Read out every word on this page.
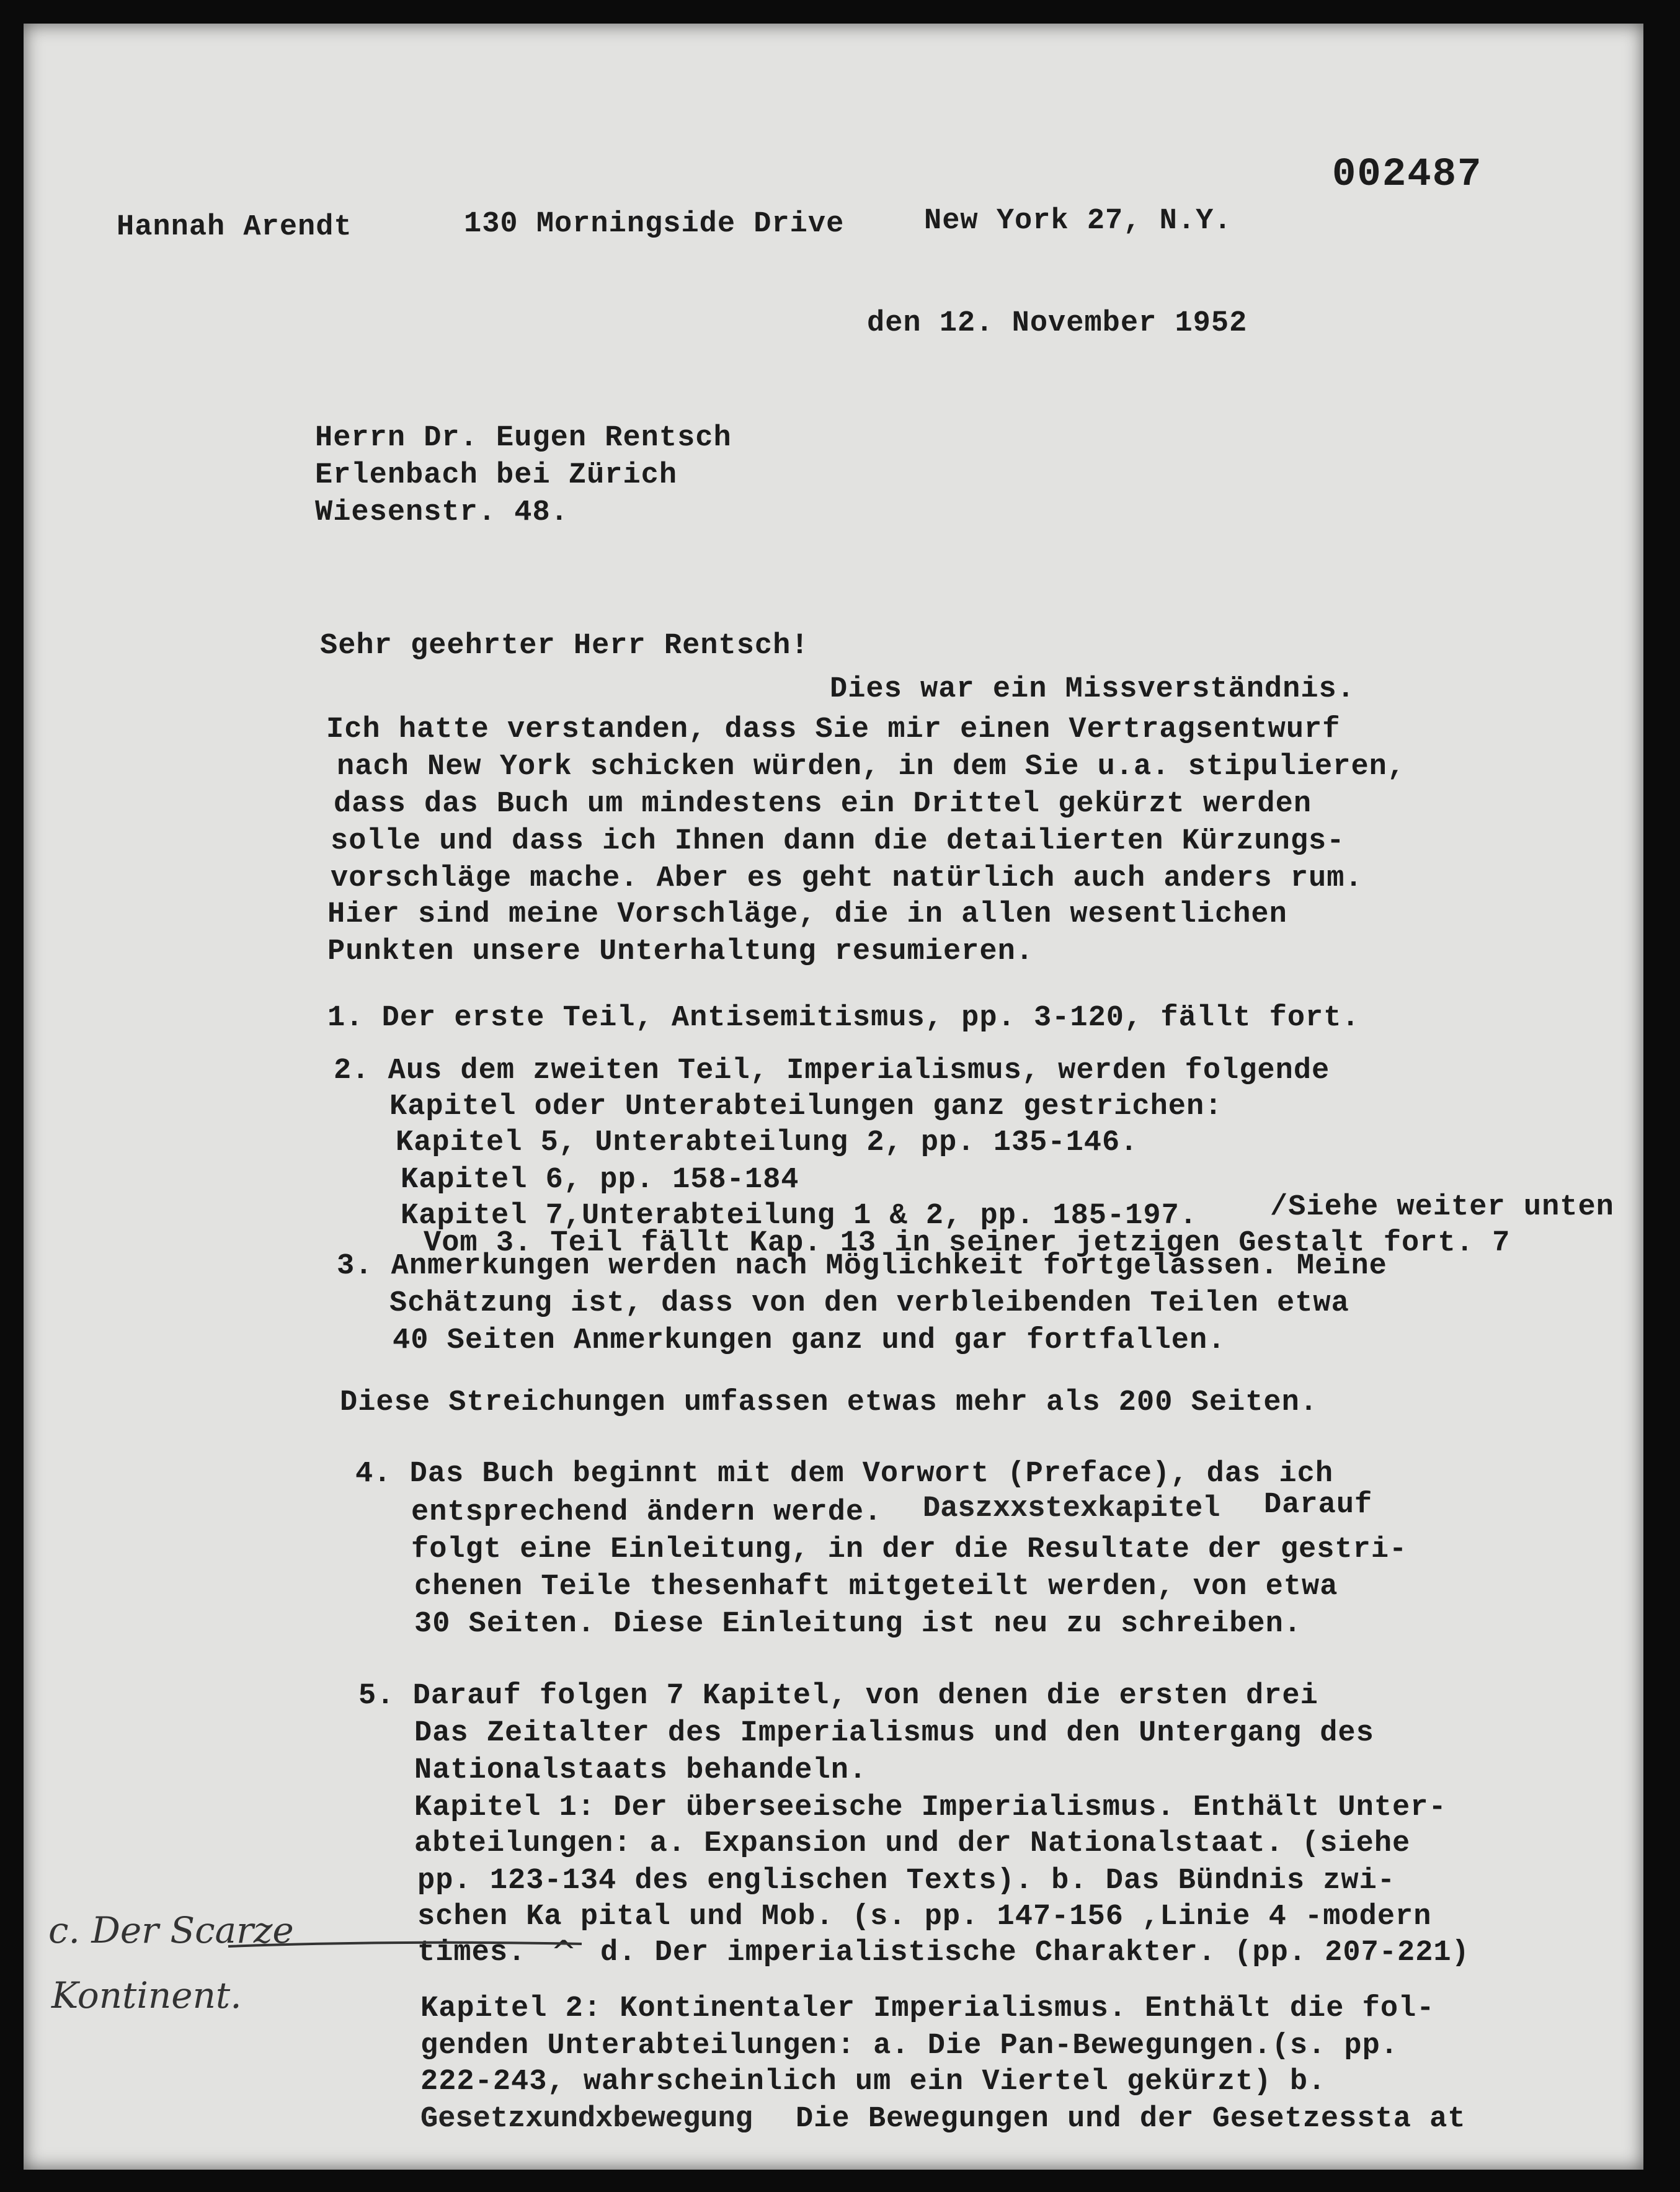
002487
Hannah Arendt	130 Morningside Drive	New York 27, N.Y.
den 12. November 1952
Herrn Dr. Eugen Rentsch
Erlenbach bei Zürich
Wiesenstr. 48.
Sehr geehrter Herr Rentsch!
Dies war ein Missverständnis.
Ich hatte verstanden, dass Sie mir einen Vertragsentwurf
nach New York schicken würden, in dem Sie u.a. stipulieren,
dass das Buch um mindestens ein Drittel gekürzt werden
solle und dass ich Ihnen dann die detailierten Kürzungs-
vorschläge mache. Aber es geht natürlich auch anders rum.
Hier sind meine Vorschläge, die in allen wesentlichen
Punkten unsere Unterhaltung resumieren.
1. Der erste Teil, Antisemitismus, pp. 3-120, fällt fort.
2. Aus dem zweiten Teil, Imperialismus, werden folgende
Kapitel oder Unterabteilungen ganz gestrichen:
Kapitel 5, Unterabteilung 2, pp. 135-146.
Kapitel 6, pp. 158-184
Kapitel 7,Unterabteilung 1 & 2, pp. 185-197. /Siehe weiter unten
Vom 3. Teil fällt Kap. 13 in seiner jetzigen Gestalt fort. 7
3. Anmerkungen werden nach Möglichkeit fortgelassen. Meine
Schätzung ist, dass von den verbleibenden Teilen etwa
40 Seiten Anmerkungen ganz und gar fortfallen.
Diese Streichungen umfassen etwas mehr als 200 Seiten.
4. Das Buch beginnt mit dem Vorwort (Preface), das ich
entsprechend ändern werde. Daszxxstexkapitel Darauf
folgt eine Einleitung, in der die Resultate der gestri-
chenen Teile thesenhaft mitgeteilt werden, von etwa
30 Seiten. Diese Einleitung ist neu zu schreiben.
5. Darauf folgen 7 Kapitel, von denen die ersten drei
Das Zeitalter des Imperialismus und den Untergang des
Nationalstaats behandeln.
Kapitel 1: Der überseeische Imperialismus. Enthält Unter-
abteilungen: a. Expansion und der Nationalstaat. (siehe
pp. 123-134 des englischen Texts). b. Das Bündnis zwi-
schen Ka pital und Mob. (s. pp. 147-156 ,Linie 4 -modern
times. ^ d. Der imperialistische Charakter. (pp. 207-221)
Kapitel 2: Kontinentaler Imperialismus. Enthält die fol-
genden Unterabteilungen: a. Die Pan-Bewegungen.(s. pp.
222-243, wahrscheinlich um ein Viertel gekürzt) b.
Gesetzxundxbewegung Die Bewegungen und der Gesetzessta at
c. Der Scarze
Kontinent.
